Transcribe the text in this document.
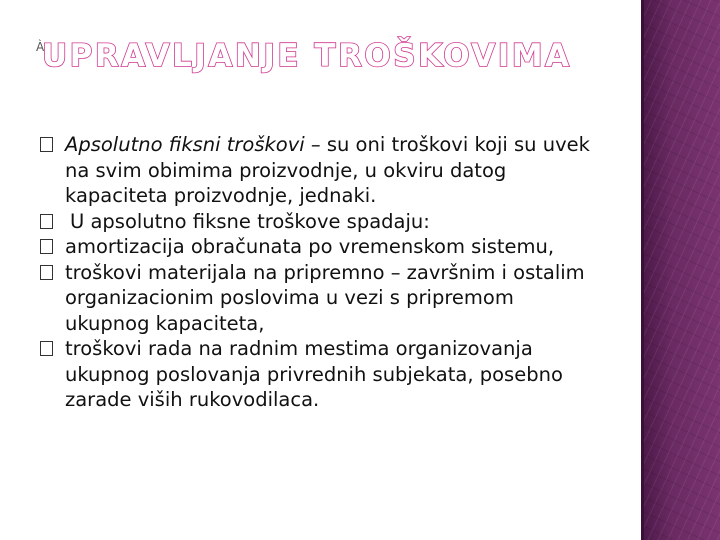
À
UPRAVLJANJE TROŠKOVIMA
Apsolutno fiksni troškovi – su oni troškovi koji su uvek na svim obimima proizvodnje, u okviru datog kapaciteta proizvodnje, jednaki.
U apsolutno fiksne troškove spadaju:
amortizacija obračunata po vremenskom sistemu,
troškovi materijala na pripremno – završnim i ostalim organizacionim poslovima u vezi s pripremom ukupnog kapaciteta,
troškovi rada na radnim mestima organizovanja ukupnog poslovanja privrednih subjekata, posebno zarade viših rukovodilaca.
